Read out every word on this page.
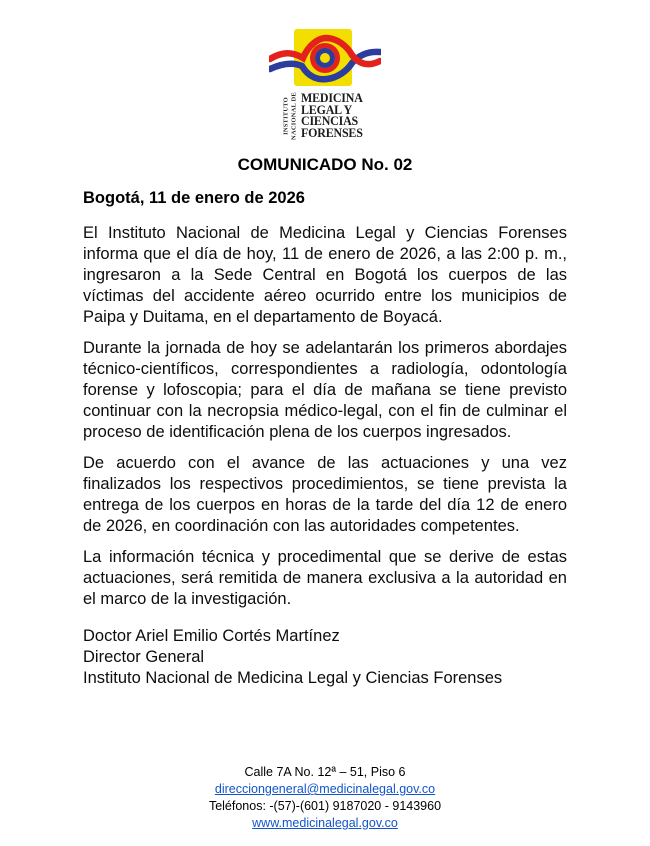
INSTITUTO NACIONAL DE MEDICINA
LEGAL Y
CIENCIAS
FORENSES
COMUNICADO No. 02
Bogotá, 11 de enero de 2026

El Instituto Nacional de Medicina Legal y Ciencias Forenses informa que el día de hoy, 11 de enero de 2026, a las 2:00 p. m., ingresaron a la Sede Central en Bogotá los cuerpos de las víctimas del accidente aéreo ocurrido entre los municipios de Paipa y Duitama, en el departamento de Boyacá.

Durante la jornada de hoy se adelantarán los primeros abordajes técnico-científicos, correspondientes a radiología, odontología forense y lofoscopia; para el día de mañana se tiene previsto continuar con la necropsia médico-legal, con el fin de culminar el proceso de identificación plena de los cuerpos ingresados.

De acuerdo con el avance de las actuaciones y una vez finalizados los respectivos procedimientos, se tiene prevista la entrega de los cuerpos en horas de la tarde del día 12 de enero de 2026, en coordinación con las autoridades competentes.

La información técnica y procedimental que se derive de estas actuaciones, será remitida de manera exclusiva a la autoridad en el marco de la investigación.

Doctor Ariel Emilio Cortés Martínez
Director General
Instituto Nacional de Medicina Legal y Ciencias Forenses
Calle 7A No. 12ª – 51, Piso 6
direcciongeneral@medicinalegal.gov.co
Teléfonos: -(57)-(601) 9187020 - 9143960
www.medicinalegal.gov.co
